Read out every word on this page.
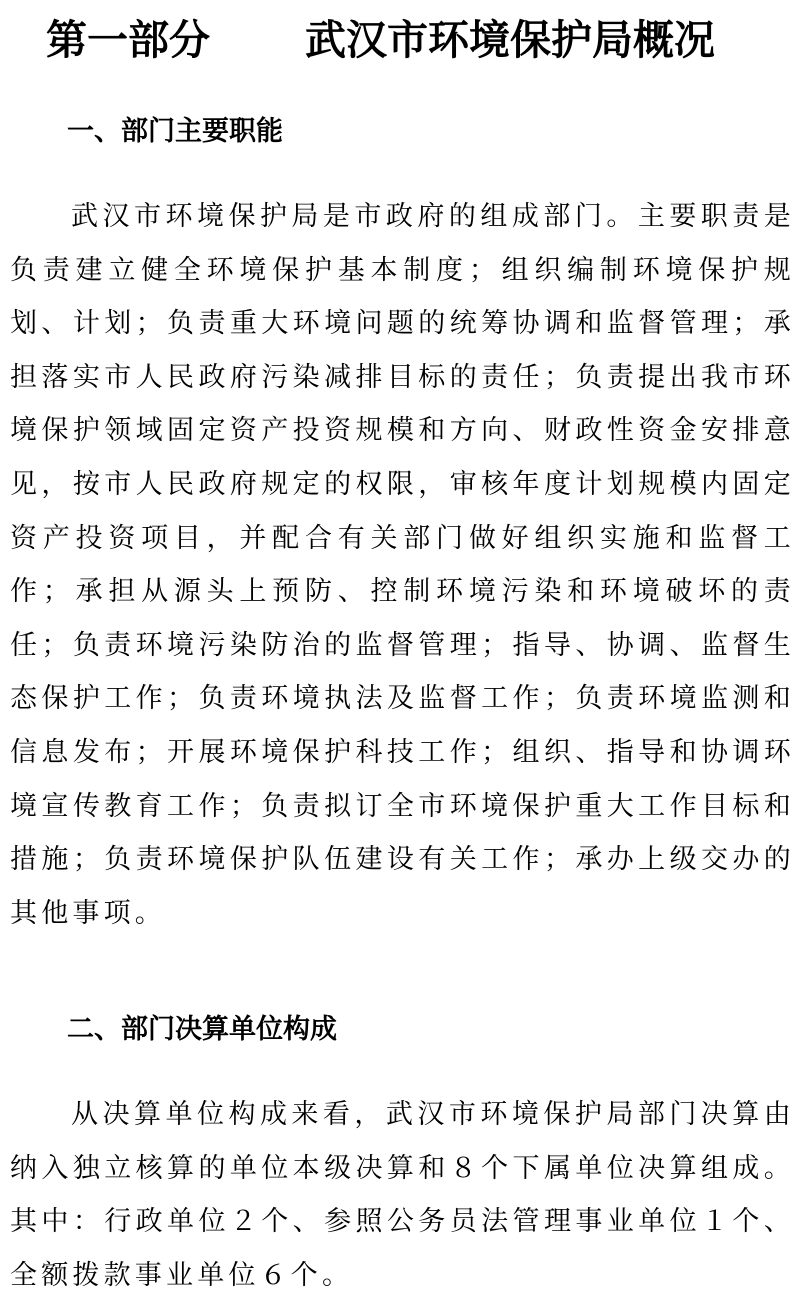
第一部分 武汉市环境保护局概况
一、部门主要职能

武汉市环境保护局是市政府的组成部门。主要职责是负责建立健全环境保护基本制度；组织编制环境保护规划、计划；负责重大环境问题的统筹协调和监督管理；承担落实市人民政府污染减排目标的责任；负责提出我市环境保护领域固定资产投资规模和方向、财政性资金安排意见，按市人民政府规定的权限，审核年度计划规模内固定资产投资项目，并配合有关部门做好组织实施和监督工作；承担从源头上预防、控制环境污染和环境破坏的责任；负责环境污染防治的监督管理；指导、协调、监督生态保护工作；负责环境执法及监督工作；负责环境监测和信息发布；开展环境保护科技工作；组织、指导和协调环境宣传教育工作；负责拟订全市环境保护重大工作目标和措施；负责环境保护队伍建设有关工作；承办上级交办的其他事项。

二、部门决算单位构成

从决算单位构成来看，武汉市环境保护局部门决算由纳入独立核算的单位本级决算和８个下属单位决算组成。其中：行政单位２个、参照公务员法管理事业单位１个、全额拨款事业单位６个。
